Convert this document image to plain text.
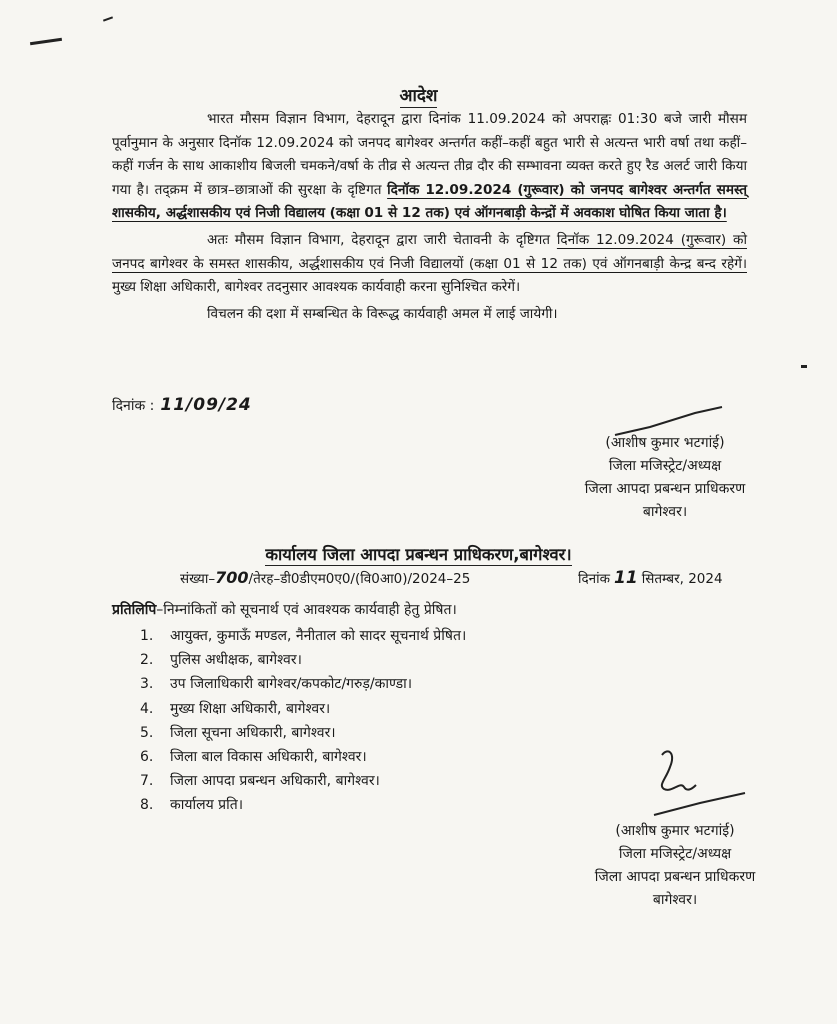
आदेश

भारत मौसम विज्ञान विभाग, देहरादून द्वारा दिनांक 11.09.2024 को अपराह्नः 01:30 बजे जारी मौसम पूर्वानुमान के अनुसार दिनॉक 12.09.2024 को जनपद बागेश्वर अन्तर्गत कहीं–कहीं बहुत भारी से अत्यन्त भारी वर्षा तथा कहीं–कहीं गर्जन के साथ आकाशीय बिजली चमकने/वर्षा के तीव्र से अत्यन्त तीव्र दौर की सम्भावना व्यक्त करते हुए रैड अलर्ट जारी किया गया है। तद्‌क्रम में छात्र–छात्राओं की सुरक्षा के दृष्टिगत दिनॉक 12.09.2024 (गुरूवार) को जनपद बागेश्वर अन्तर्गत समस्त् शासकीय, अर्द्धशासकीय एवं निजी विद्यालय (कक्षा 01 से 12 तक) एवं ऑगनबाड़ी केन्द्रों में अवकाश घोषित किया जाता है।

अतः मौसम विज्ञान विभाग, देहरादून द्वारा जारी चेतावनी के दृष्टिगत दिनॉक 12.09.2024 (गुरूवार) को जनपद बागेश्वर के समस्त शासकीय, अर्द्धशासकीय एवं निजी विद्यालयों (कक्षा 01 से 12 तक) एवं ऑगनबाड़ी केन्द्र बन्द रहेगें। मुख्य शिक्षा अधिकारी, बागेश्वर तदनुसार आवश्यक कार्यवाही करना सुनिश्चित करेगें।

विचलन की दशा में सम्बन्धित के विरूद्ध कार्यवाही अमल में लाई जायेगी।

दिनांक : 11/09/24
(आशीष कुमार भटगांई)
जिला मजिस्ट्रेट/अध्यक्ष
जिला आपदा प्रबन्धन प्राधिकरण
बागेश्वर।
कार्यालय जिला आपदा प्रबन्धन प्राधिकरण,बागेश्वर।
संख्या–700/तेरह–डी0डीएम0ए0/(वि0आ0)/2024–25	दिनांक 11 सितम्बर, 2024
प्रतिलिपि–निम्नांकितों को सूचनार्थ एवं आवश्यक कार्यवाही हेतु प्रेषित।
1. आयुक्त, कुमाऊँ मण्डल, नैनीताल को सादर सूचनार्थ प्रेषित।
2. पुलिस अधीक्षक, बागेश्वर।
3. उप जिलाधिकारी बागेश्वर/कपकोट/गरुड़/काण्डा।
4. मुख्य शिक्षा अधिकारी, बागेश्वर।
5. जिला सूचना अधिकारी, बागेश्वर।
6. जिला बाल विकास अधिकारी, बागेश्वर।
7. जिला आपदा प्रबन्धन अधिकारी, बागेश्वर।
8. कार्यालय प्रति।
(आशीष कुमार भटगांई)
जिला मजिस्ट्रेट/अध्यक्ष
जिला आपदा प्रबन्धन प्राधिकरण
बागेश्वर।
